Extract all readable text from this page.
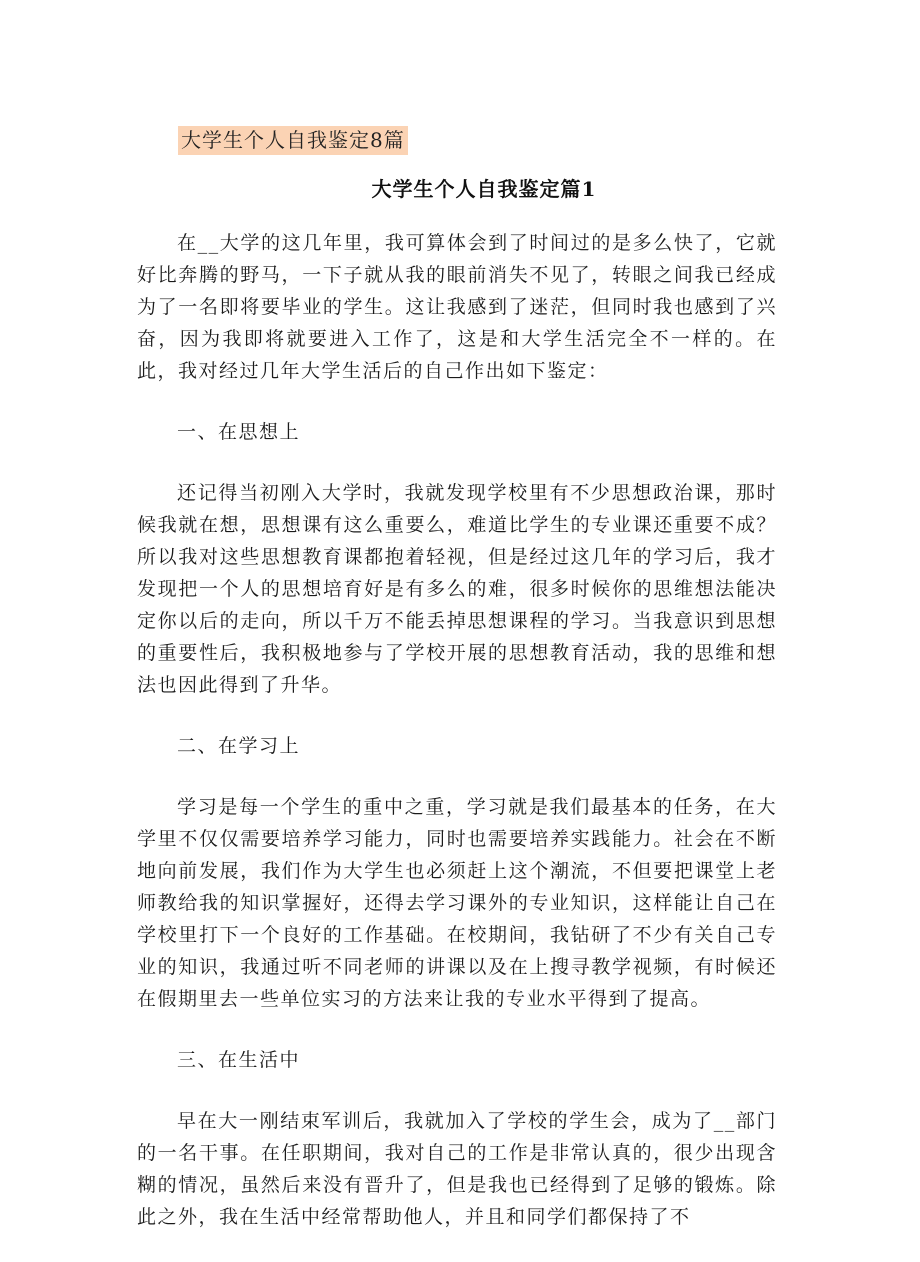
大学生个人自我鉴定8篇
大学生个人自我鉴定篇1

在__大学的这几年里，我可算体会到了时间过的是多么快了，它就好比奔腾的野马，一下子就从我的眼前消失不见了，转眼之间我已经成为了一名即将要毕业的学生。这让我感到了迷茫，但同时我也感到了兴奋，因为我即将就要进入工作了，这是和大学生活完全不一样的。在此，我对经过几年大学生活后的自己作出如下鉴定：

一、在思想上

还记得当初刚入大学时，我就发现学校里有不少思想政治课，那时候我就在想，思想课有这么重要么，难道比学生的专业课还重要不成？所以我对这些思想教育课都抱着轻视，但是经过这几年的学习后，我才发现把一个人的思想培育好是有多么的难，很多时候你的思维想法能决定你以后的走向，所以千万不能丢掉思想课程的学习。当我意识到思想的重要性后，我积极地参与了学校开展的思想教育活动，我的思维和想法也因此得到了升华。

二、在学习上

学习是每一个学生的重中之重，学习就是我们最基本的任务，在大学里不仅仅需要培养学习能力，同时也需要培养实践能力。社会在不断地向前发展，我们作为大学生也必须赶上这个潮流，不但要把课堂上老师教给我的知识掌握好，还得去学习课外的专业知识，这样能让自己在学校里打下一个良好的工作基础。在校期间，我钻研了不少有关自己专业的知识，我通过听不同老师的讲课以及在上搜寻教学视频，有时候还在假期里去一些单位实习的方法来让我的专业水平得到了提高。

三、在生活中

早在大一刚结束军训后，我就加入了学校的学生会，成为了__部门的一名干事。在任职期间，我对自己的工作是非常认真的，很少出现含糊的情况，虽然后来没有晋升了，但是我也已经得到了足够的锻炼。除此之外，我在生活中经常帮助他人，并且和同学们都保持了不
